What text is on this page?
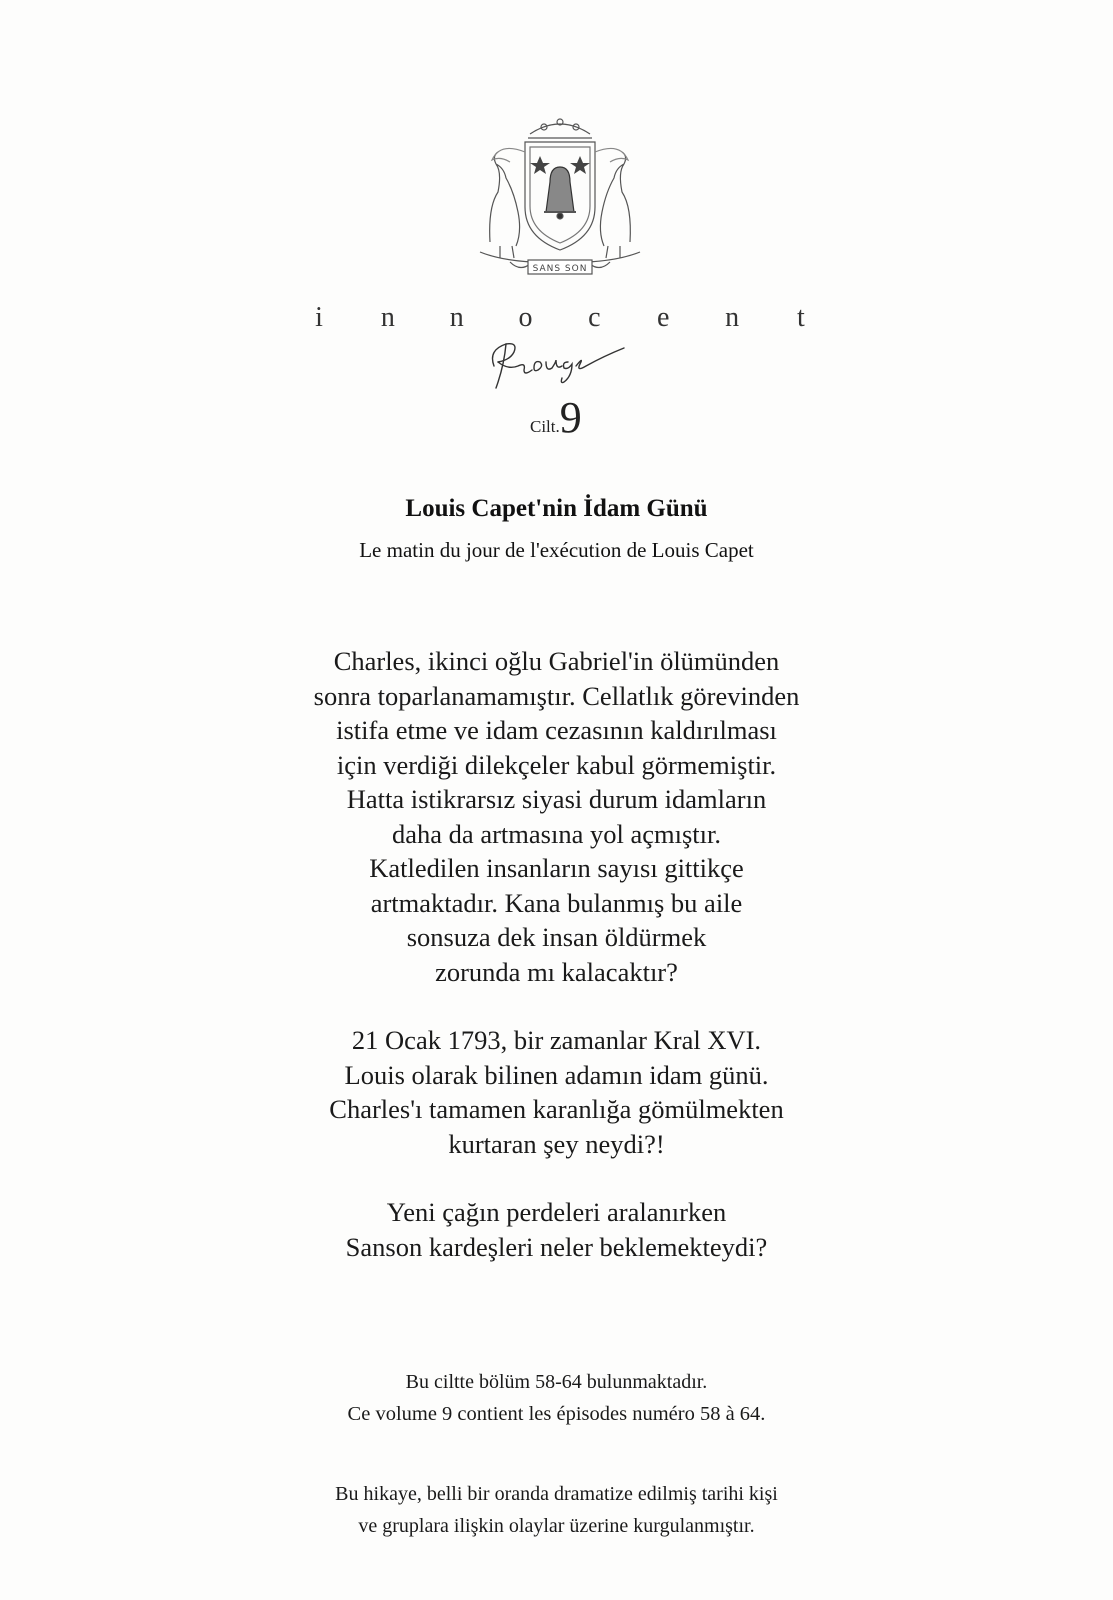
SANS SON
i n n o c e n t
Cilt.9
Louis Capet'nin İdam Günü

Le matin du jour de l'exécution de Louis Capet

Charles, ikinci oğlu Gabriel'in ölümünden
sonra toparlanamamıştır. Cellatlık görevinden
istifa etme ve idam cezasının kaldırılması
için verdiği dilekçeler kabul görmemiştir.
Hatta istikrarsız siyasi durum idamların
daha da artmasına yol açmıştır.
Katledilen insanların sayısı gittikçe
artmaktadır. Kana bulanmış bu aile
sonsuza dek insan öldürmek
zorunda mı kalacaktır?
21 Ocak 1793, bir zamanlar Kral XVI.
Louis olarak bilinen adamın idam günü.
Charles'ı tamamen karanlığa gömülmekten
kurtaran şey neydi?!
Yeni çağın perdeleri aralanırken
Sanson kardeşleri neler beklemekteydi?
Bu ciltte bölüm 58-64 bulunmaktadır.
Ce volume 9 contient les épisodes numéro 58 à 64.
Bu hikaye, belli bir oranda dramatize edilmiş tarihi kişi
ve gruplara ilişkin olaylar üzerine kurgulanmıştır.
